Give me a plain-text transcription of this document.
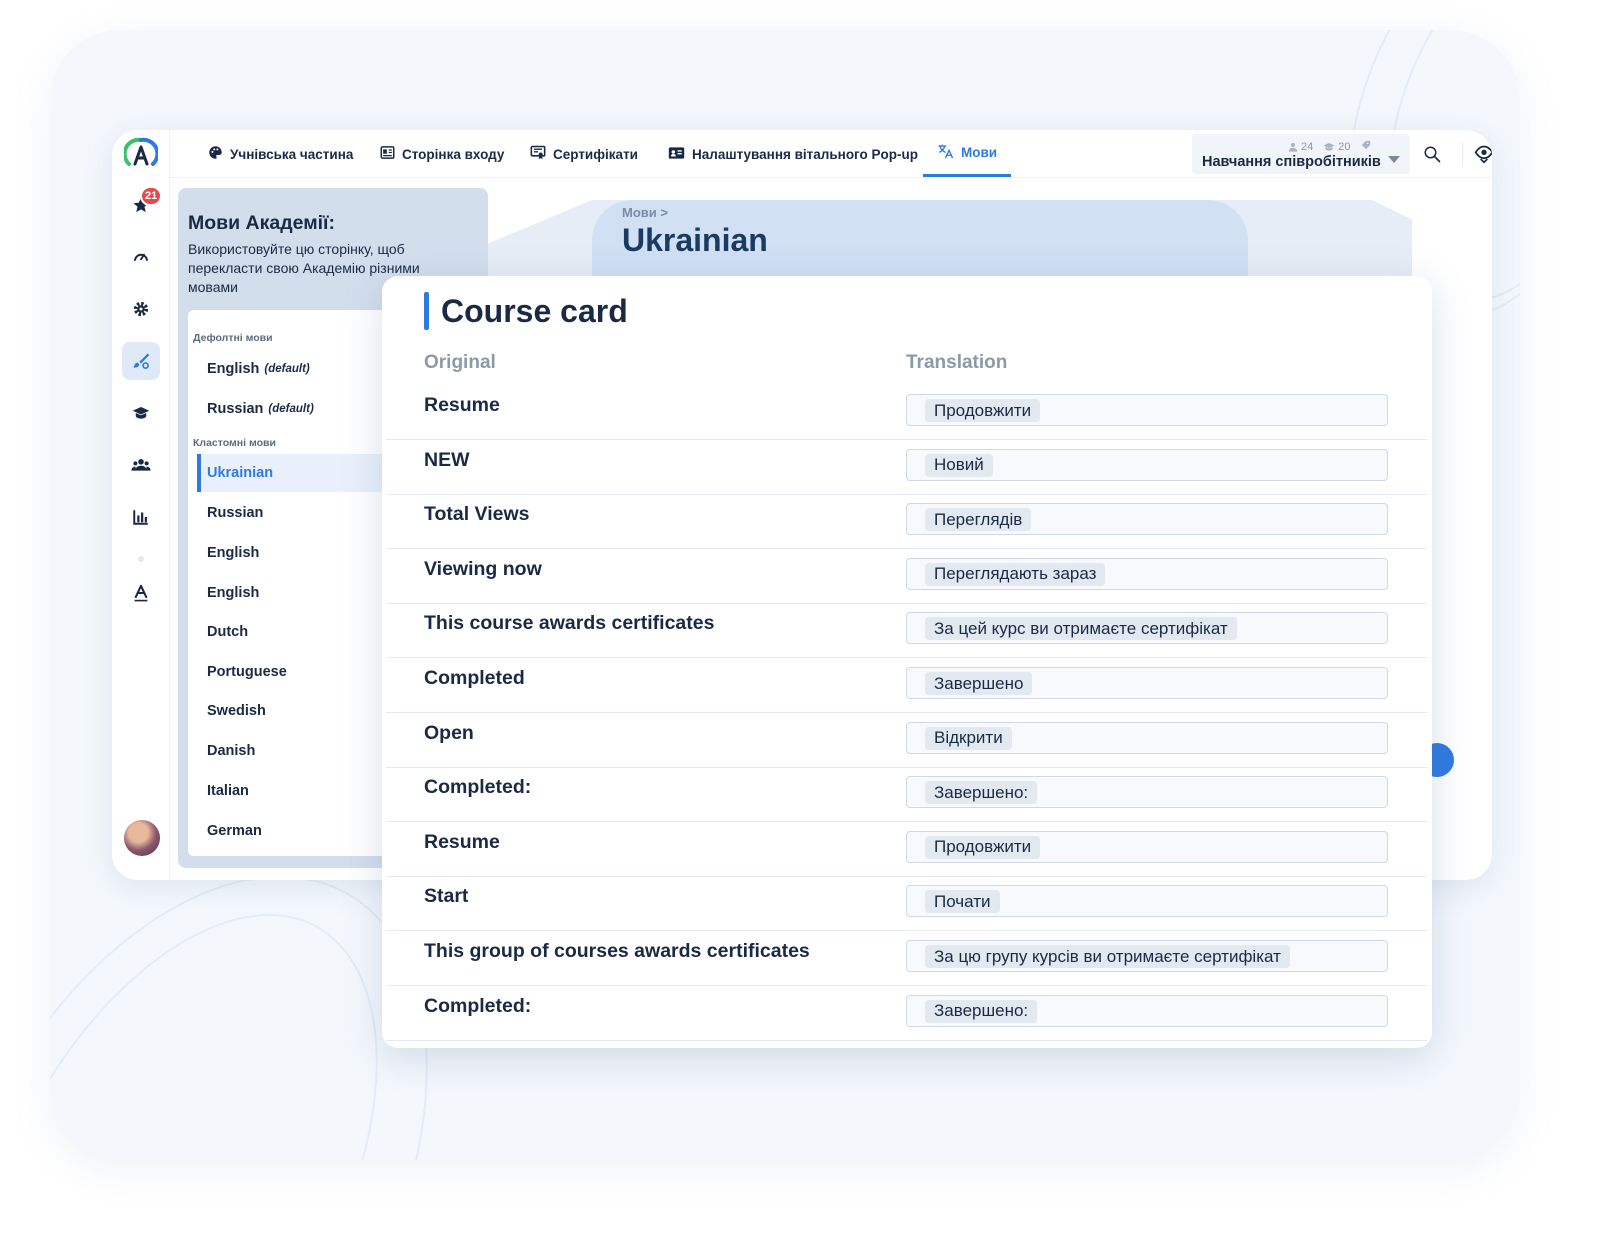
21
Учнівська частина	Сторінка входу	Сертифікати	Налаштування вітального Pop-up	Мови	24 20
Навчання співробітників
Мови Академії:
Використовуйте цю сторінку, щоб перекласти свою Академію різними мовами
Дефолтні мови
English (default)
Russian (default)
Кластомні мови
Ukrainian
Russian
English
English
Dutch
Portuguese
Swedish
Danish
Italian
German
Мови >
Ukrainian
Course card
Original	Translation
Resume	Продовжити
NEW	Новий
Total Views	Переглядів
Viewing now	Переглядають зараз
This course awards certificates	За цей курс ви отримаєте сертифікат
Completed	Завершено
Open	Відкрити
Completed:	Завершено:
Resume	Продовжити
Start	Почати
This group of courses awards certificates	За цю групу курсів ви отримаєте сертифікат
Completed:	Завершено:
